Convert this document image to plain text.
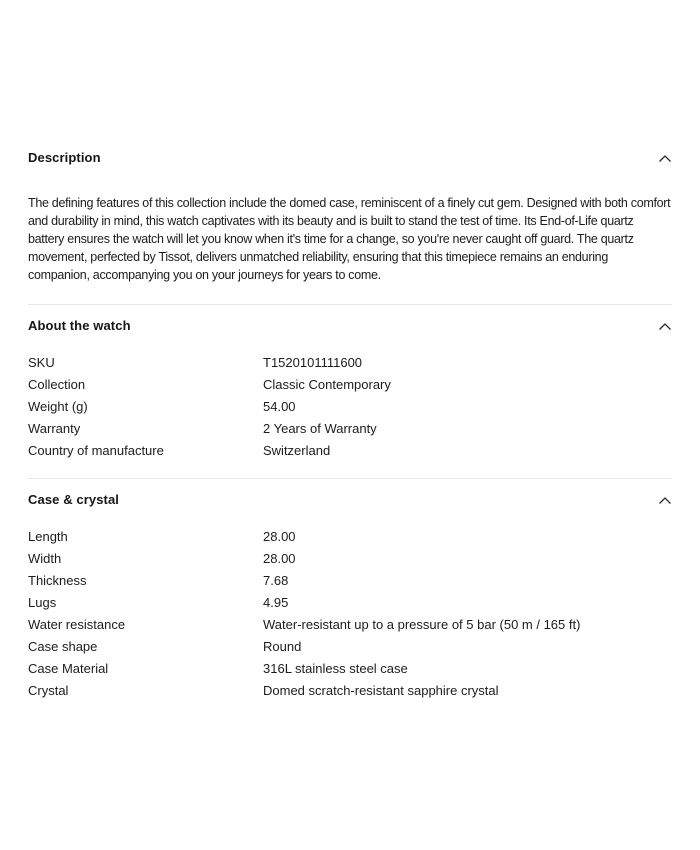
Description

The defining features of this collection include the domed case, reminiscent of a finely cut gem. Designed with both comfort and durability in mind, this watch captivates with its beauty and is built to stand the test of time. Its End-of-Life quartz battery ensures the watch will let you know when it's time for a change, so you're never caught off guard. The quartz movement, perfected by Tissot, delivers unmatched reliability, ensuring that this timepiece remains an enduring companion, accompanying you on your journeys for years to come.

About the watch
SKU	T1520101111600
Collection	Classic Contemporary
Weight (g)	54.00
Warranty	2 Years of Warranty
Country of manufacture	Switzerland
Case & crystal
Length	28.00
Width	28.00
Thickness	7.68
Lugs	4.95
Water resistance	Water-resistant up to a pressure of 5 bar (50 m / 165 ft)
Case shape	Round
Case Material	316L stainless steel case
Crystal	Domed scratch-resistant sapphire crystal
